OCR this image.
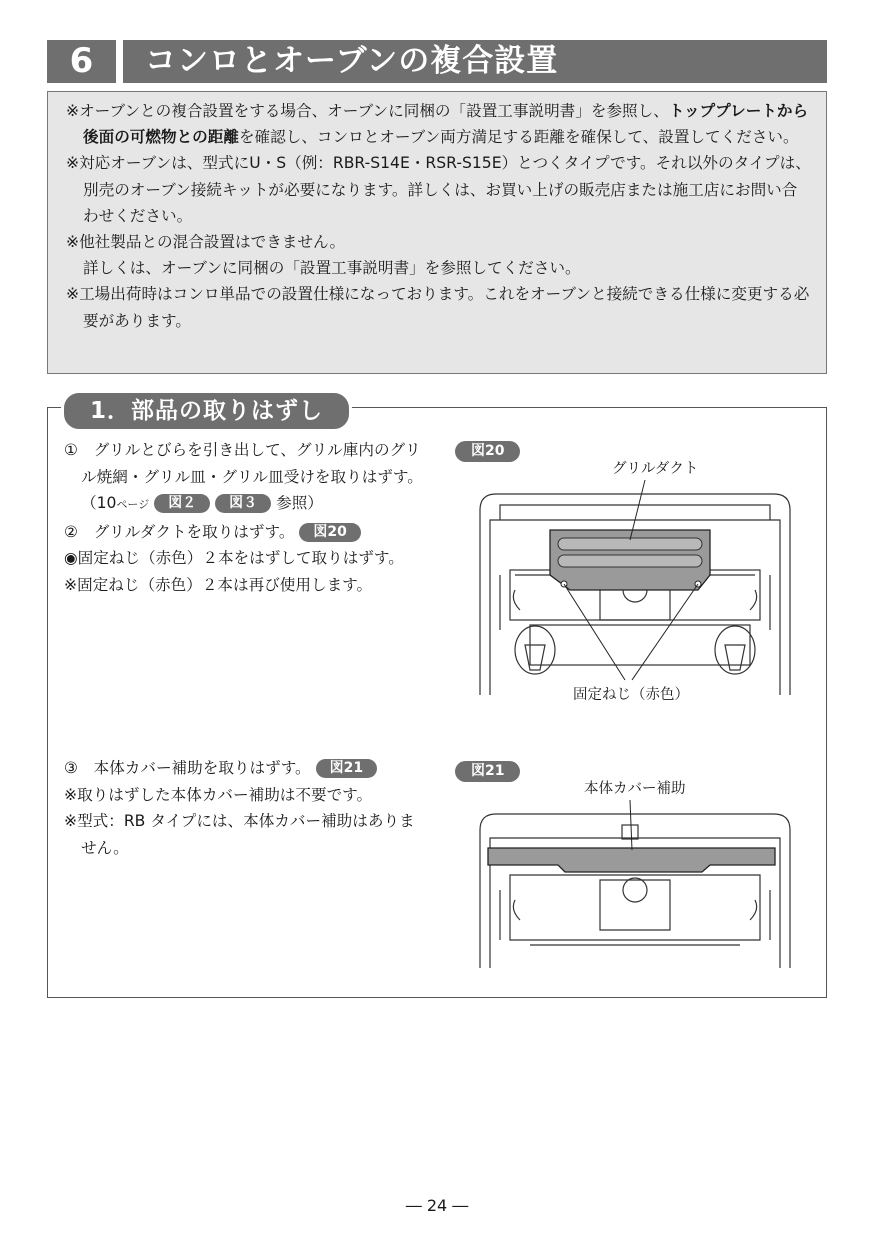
6	コンロとオーブンの複合設置

※オーブンとの複合設置をする場合、オーブンに同梱の「設置工事説明書」を参照し、トッププレートから後面の可燃物との距離を確認し、コンロとオーブン両方満足する距離を確保して、設置してください。

※対応オーブンは、型式にU・S（例：RBR-S14E・RSR-S15E）とつくタイプです。それ以外のタイプは、別売のオーブン接続キットが必要になります。詳しくは、お買い上げの販売店または施工店にお問い合わせください。

※他社製品との混合設置はできません。

詳しくは、オーブンに同梱の「設置工事説明書」を参照してください。

※工場出荷時はコンロ単品での設置仕様になっております。これをオーブンと接続できる仕様に変更する必要があります。

1．部品の取りはずし

①　グリルとびらを引き出して、グリル庫内のグリル焼網・グリル皿・グリル皿受けを取りはずす。

（10ページ 図２ 図３ 参照）

②　グリルダクトを取りはずす。 図20

◉固定ねじ（赤色）２本をはずして取りはずす。

※固定ねじ（赤色）２本は再び使用します。

③　本体カバー補助を取りはずす。 図21

※取りはずした本体カバー補助は不要です。

※型式：RB タイプには、本体カバー補助はありません。

図20
グリルダクト
固定ねじ（赤色）
図21
本体カバー補助
― 24 ―
